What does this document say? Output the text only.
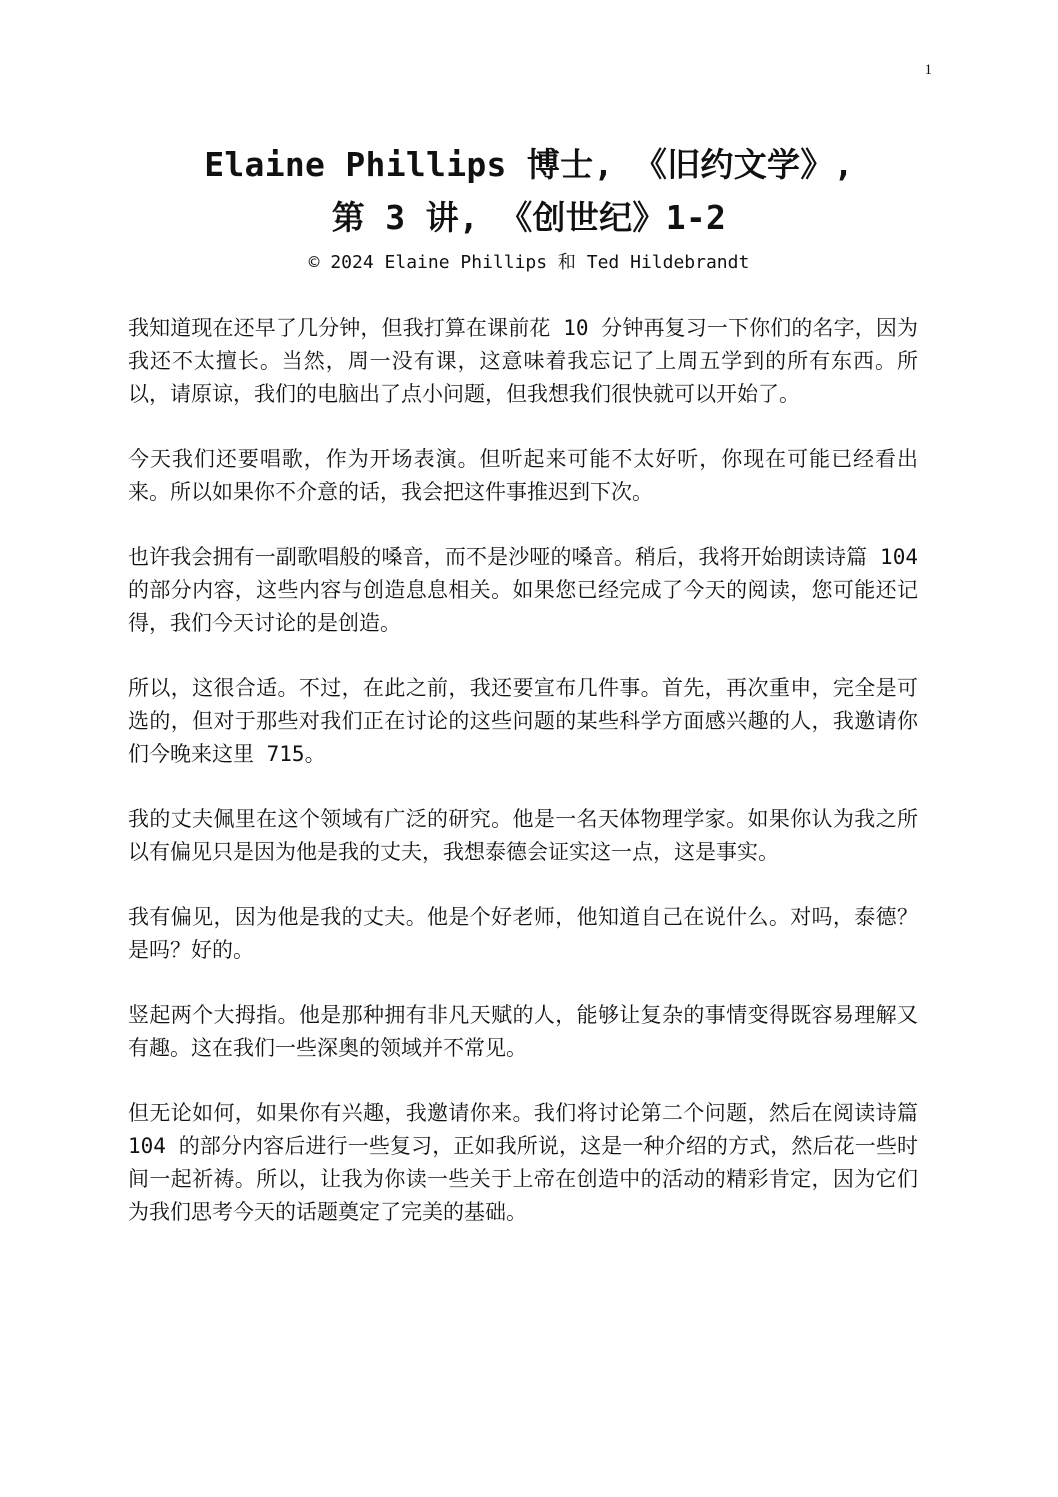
1
Elaine Phillips 博士, 《旧约文学》,
第 3 讲, 《创世纪》1-2
© 2024 Elaine Phillips 和 Ted Hildebrandt

我知道现在还早了几分钟，但我打算在课前花 10 分钟再复习一下你们的名字，因为我还不太擅长。当然，周一没有课，这意味着我忘记了上周五学到的所有东西。所以，请原谅，我们的电脑出了点小问题，但我想我们很快就可以开始了。

今天我们还要唱歌，作为开场表演。但听起来可能不太好听，你现在可能已经看出来。所以如果你不介意的话，我会把这件事推迟到下次。

也许我会拥有一副歌唱般的嗓音，而不是沙哑的嗓音。稍后，我将开始朗读诗篇 104 的部分内容，这些内容与创造息息相关。如果您已经完成了今天的阅读，您可能还记得，我们今天讨论的是创造。

所以，这很合适。不过，在此之前，我还要宣布几件事。首先，再次重申，完全是可选的，但对于那些对我们正在讨论的这些问题的某些科学方面感兴趣的人，我邀请你们今晚来这里 715。

我的丈夫佩里在这个领域有广泛的研究。他是一名天体物理学家。如果你认为我之所以有偏见只是因为他是我的丈夫，我想泰德会证实这一点，这是事实。

我有偏见，因为他是我的丈夫。他是个好老师，他知道自己在说什么。对吗，泰德？是吗？好的。

竖起两个大拇指。他是那种拥有非凡天赋的人，能够让复杂的事情变得既容易理解又有趣。这在我们一些深奥的领域并不常见。

但无论如何，如果你有兴趣，我邀请你来。我们将讨论第二个问题，然后在阅读诗篇 104 的部分内容后进行一些复习，正如我所说，这是一种介绍的方式，然后花一些时间一起祈祷。所以，让我为你读一些关于上帝在创造中的活动的精彩肯定，因为它们为我们思考今天的话题奠定了完美的基础。
